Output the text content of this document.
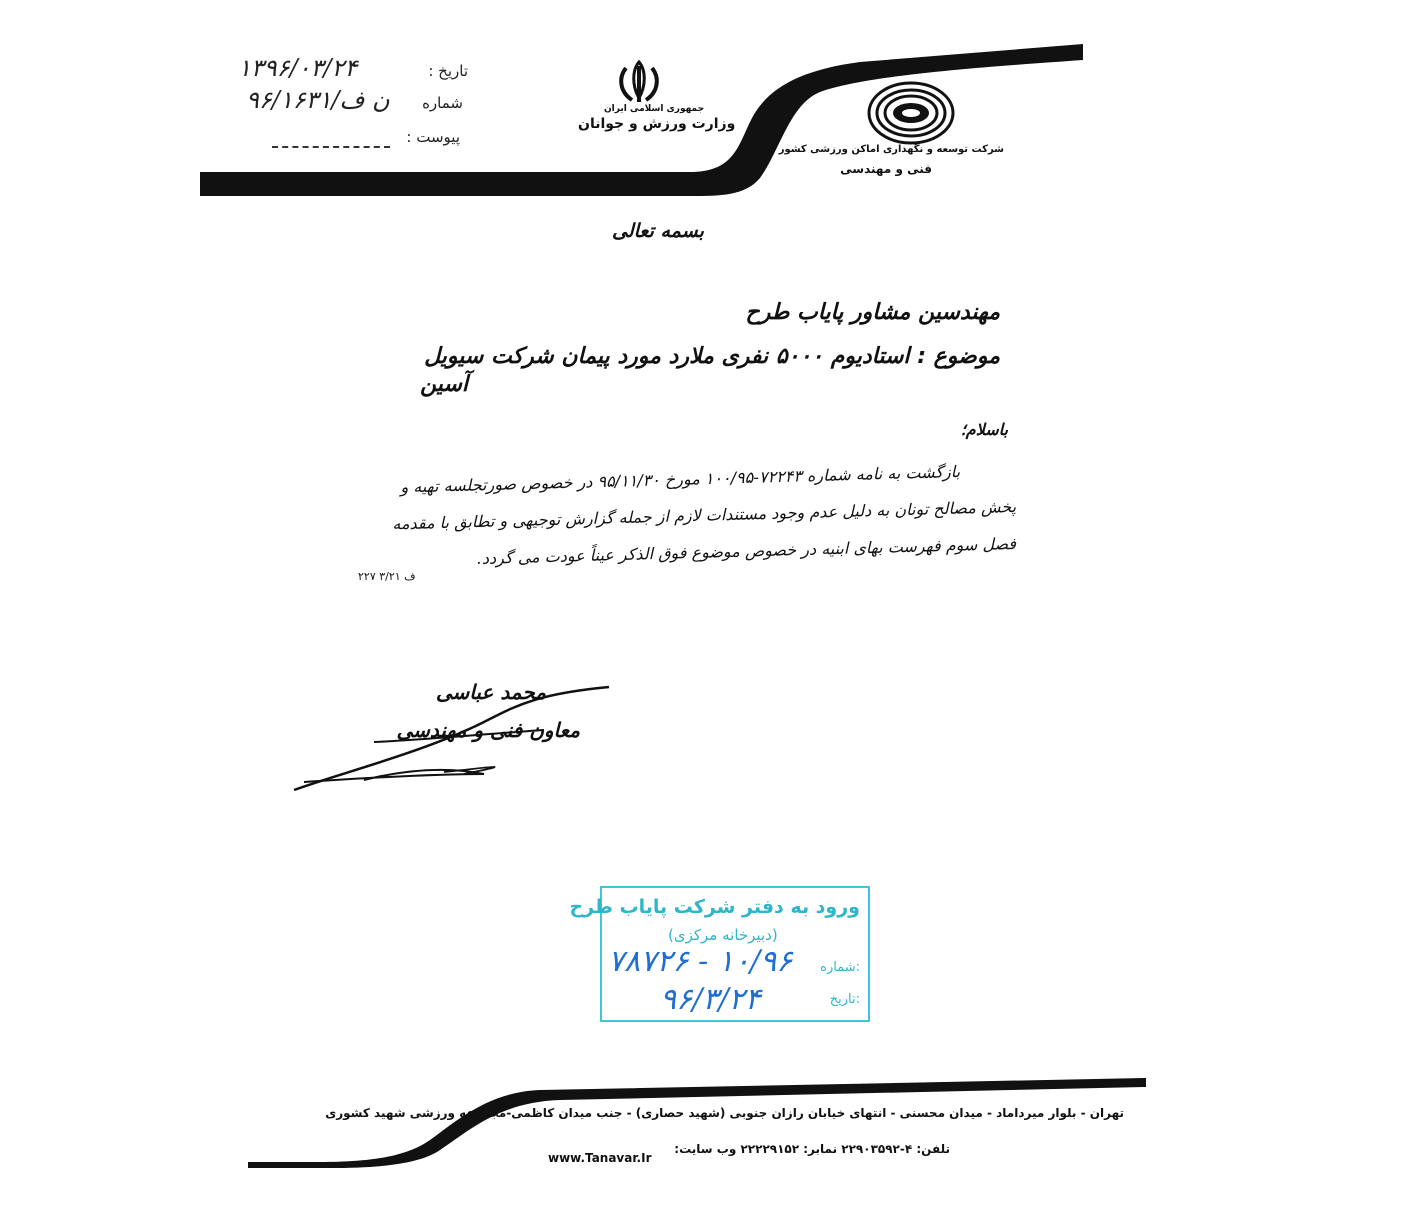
تاریخ :
۱۳۹۶/۰۳/۲۴
شماره
۹۶/۱۶۳۱/ن ف
پیوست :
جمهوری اسلامی ایران
وزارت ورزش و جوانان
شرکت توسعه و نگهداری اماکن ورزشی کشور
فنی و مهندسی
بسمه تعالی
مهندسین مشاور پایاب طرح
موضوع : استادیوم ۵۰۰۰ نفری ملارد مورد پیمان شرکت سیویل
آسین
باسلام؛
بازگشت به نامه شماره ۷۲۲۴۳-۱۰۰/۹۵ مورخ ۹۵/۱۱/۳۰ در خصوص صورتجلسه تهیه و
پخش مصالح تونان به دلیل عدم وجود مستندات لازم از جمله گزارش توجیهی و تطابق با مقدمه
فصل سوم فهرست بهای ابنیه در خصوص موضوع فوق الذکر عیناً عودت می گردد.
۲۲۷ ف ۳/۲۱
محمد عباسی
معاون فنی و مهندسی
ورود به دفتر شرکت پایاب طرح
(دبیرخانه مرکزی)
شماره:
۷۸۷۲۶ - ۱۰/۹۶
تاریخ:
۹۶/۳/۲۴
تهران - بلوار میرداماد - میدان محسنی - انتهای خیابان رازان جنوبی (شهید حصاری) - جنب میدان کاظمی-مجموعه ورزشی شهید کشوری
تلفن: ۴-۲۲۹۰۳۵۹۲ نمابر: ۲۲۲۲۹۱۵۲ وب سایت:
www.Tanavar.Ir
